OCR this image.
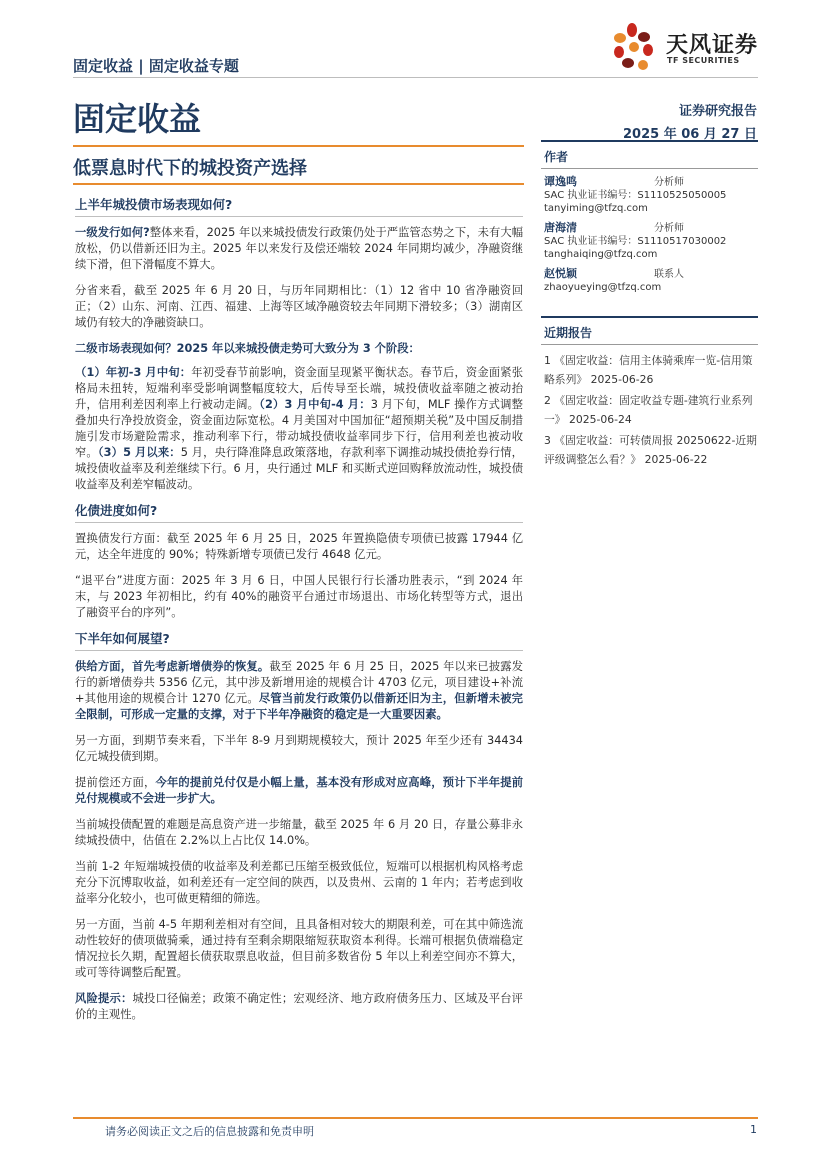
固定收益 | 固定收益专题
天风证券
TF SECURITIES
固定收益	证券研究报告
2025 年 06 月 27 日
低票息时代下的城投资产选择
上半年城投债市场表现如何?

一级发行如何?整体来看，2025 年以来城投债发行政策仍处于严监管态势之下，未有大幅放松，仍以借新还旧为主。2025 年以来发行及偿还端较 2024 年同期均减少，净融资继续下滑，但下滑幅度不算大。

分省来看，截至 2025 年 6 月 20 日，与历年同期相比：（1）12 省中 10 省净融资回正；（2）山东、河南、江西、福建、上海等区域净融资较去年同期下滑较多；（3）湖南区域仍有较大的净融资缺口。

二级市场表现如何？2025 年以来城投债走势可大致分为 3 个阶段：

（1）年初-3 月中旬：年初受春节前影响，资金面呈现紧平衡状态。春节后，资金面紧张格局未扭转，短端利率受影响调整幅度较大，后传导至长端，城投债收益率随之被动抬升，信用利差因利率上行被动走阔。（2）3 月中旬-4 月：3 月下旬，MLF 操作方式调整叠加央行净投放资金，资金面边际宽松。4 月美国对中国加征“超预期关税”及中国反制措施引发市场避险需求，推动利率下行，带动城投债收益率同步下行，信用利差也被动收窄。（3）5 月以来：5 月，央行降准降息政策落地，存款利率下调推动城投债抢券行情，城投债收益率及利差继续下行。6 月，央行通过 MLF 和买断式逆回购释放流动性，城投债收益率及利差窄幅波动。

化债进度如何?

置换债发行方面：截至 2025 年 6 月 25 日，2025 年置换隐债专项债已披露 17944 亿元，达全年进度的 90%；特殊新增专项债已发行 4648 亿元。

“退平台”进度方面：2025 年 3 月 6 日，中国人民银行行长潘功胜表示，“到 2024 年末，与 2023 年初相比，约有 40%的融资平台通过市场退出、市场化转型等方式，退出了融资平台的序列”。

下半年如何展望?

供给方面，首先考虑新增债券的恢复。截至 2025 年 6 月 25 日，2025 年以来已披露发行的新增债券共 5356 亿元，其中涉及新增用途的规模合计 4703 亿元，项目建设+补流+其他用途的规模合计 1270 亿元。尽管当前发行政策仍以借新还旧为主，但新增未被完全限制，可形成一定量的支撑，对于下半年净融资的稳定是一大重要因素。

另一方面，到期节奏来看，下半年 8-9 月到期规模较大，预计 2025 年至少还有 34434 亿元城投债到期。

提前偿还方面，今年的提前兑付仅是小幅上量，基本没有形成对应高峰，预计下半年提前兑付规模或不会进一步扩大。

当前城投债配置的难题是高息资产进一步缩量，截至 2025 年 6 月 20 日，存量公募非永续城投债中，估值在 2.2%以上占比仅 14.0%。

当前 1-2 年短端城投债的收益率及利差都已压缩至极致低位，短端可以根据机构风格考虑充分下沉博取收益，如利差还有一定空间的陕西，以及贵州、云南的 1 年内；若考虑到收益率分化较小，也可做更精细的筛选。

另一方面，当前 4-5 年期利差相对有空间，且具备相对较大的期限利差，可在其中筛选流动性较好的债项做骑乘，通过持有至剩余期限缩短获取资本利得。长端可根据负债端稳定情况拉长久期，配置超长债获取票息收益，但目前多数省份 5 年以上利差空间亦不算大，或可等待调整后配置。

风险提示：城投口径偏差；政策不确定性；宏观经济、地方政府债务压力、区域及平台评价的主观性。

作者
谭逸鸣	分析师
SAC 执业证书编号：S1110525050005
tanyiming@tfzq.com
唐海清	分析师
SAC 执业证书编号：S1110517030002
tanghaiqing@tfzq.com
赵悦颖	联系人
zhaoyueying@tfzq.com
近期报告
1 《固定收益：信用主体骑乘库一览-信用策略系列》 2025-06-26
2 《固定收益：固定收益专题-建筑行业系列一》 2025-06-24
3 《固定收益：可转债周报 20250622-近期评级调整怎么看？》 2025-06-22
请务必阅读正文之后的信息披露和免责申明	1
